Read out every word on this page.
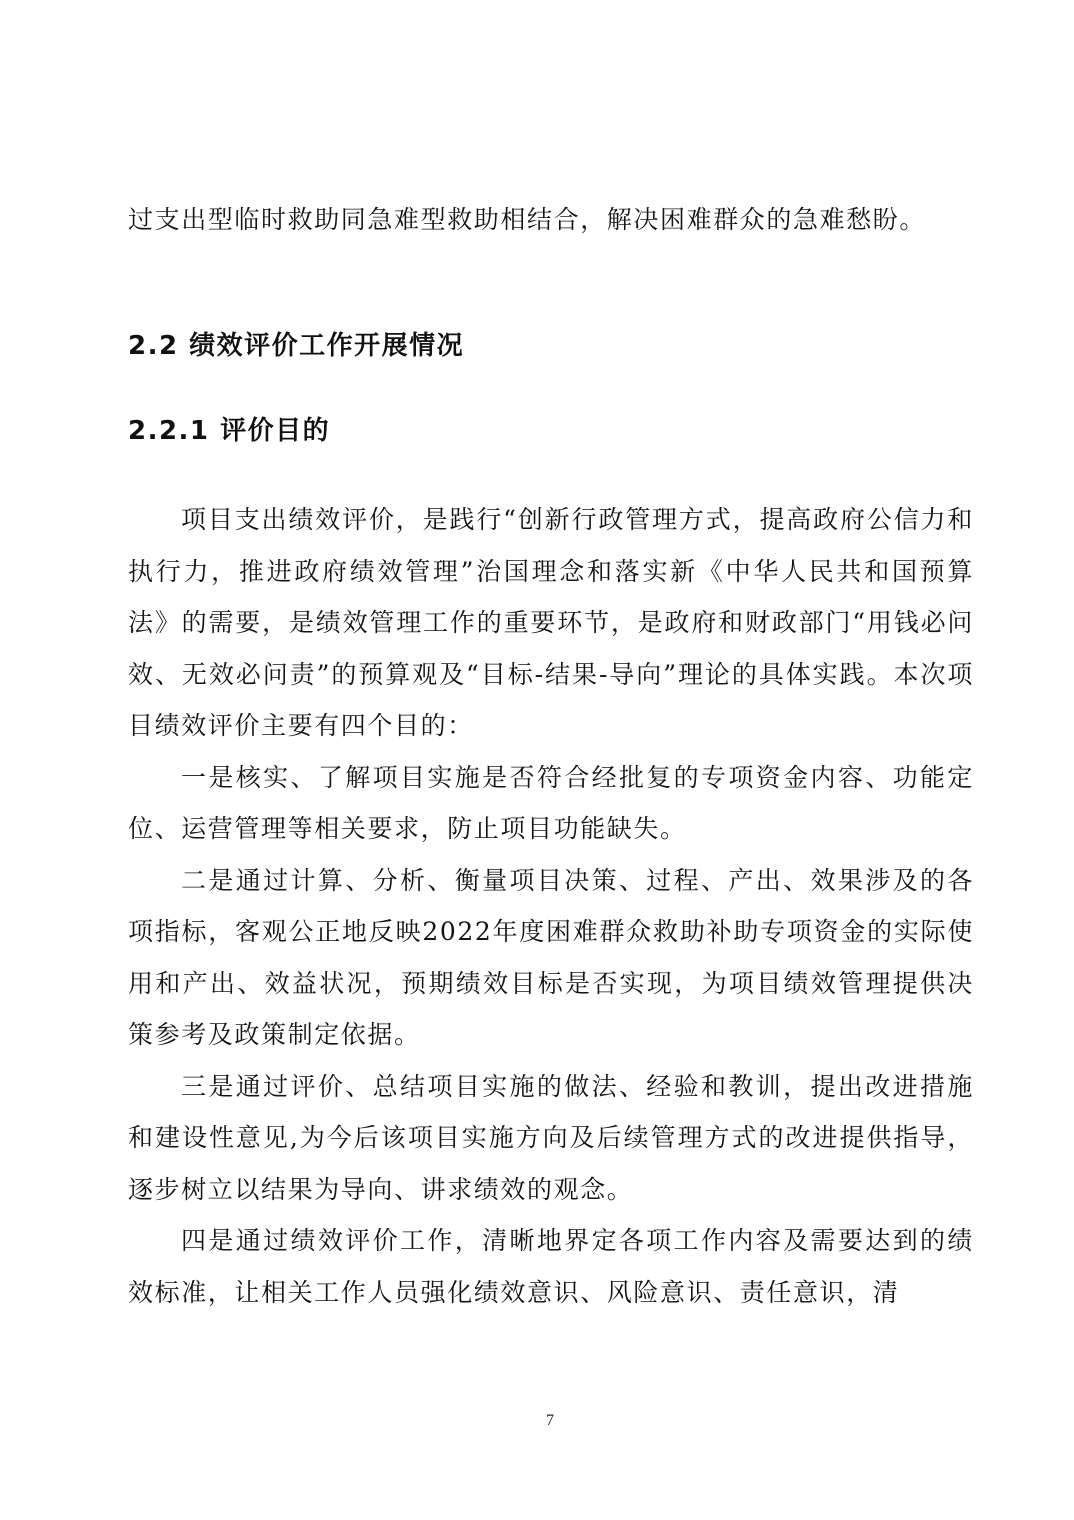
过支出型临时救助同急难型救助相结合，解决困难群众的急难愁盼。

2.2 绩效评价工作开展情况
2.2.1 评价目的

项目支出绩效评价，是践行“创新行政管理方式，提高政府公信力和执行力，推进政府绩效管理”治国理念和落实新《中华人民共和国预算法》的需要，是绩效管理工作的重要环节，是政府和财政部门“用钱必问效、无效必问责”的预算观及“目标-结果-导向”理论的具体实践。本次项目绩效评价主要有四个目的：

一是核实、了解项目实施是否符合经批复的专项资金内容、功能定位、运营管理等相关要求，防止项目功能缺失。

二是通过计算、分析、衡量项目决策、过程、产出、效果涉及的各项指标，客观公正地反映2022年度困难群众救助补助专项资金的实际使用和产出、效益状况，预期绩效目标是否实现，为项目绩效管理提供决策参考及政策制定依据。

三是通过评价、总结项目实施的做法、经验和教训，提出改进措施和建设性意见,为今后该项目实施方向及后续管理方式的改进提供指导，逐步树立以结果为导向、讲求绩效的观念。

四是通过绩效评价工作，清晰地界定各项工作内容及需要达到的绩效标准，让相关工作人员强化绩效意识、风险意识、责任意识，清

7
